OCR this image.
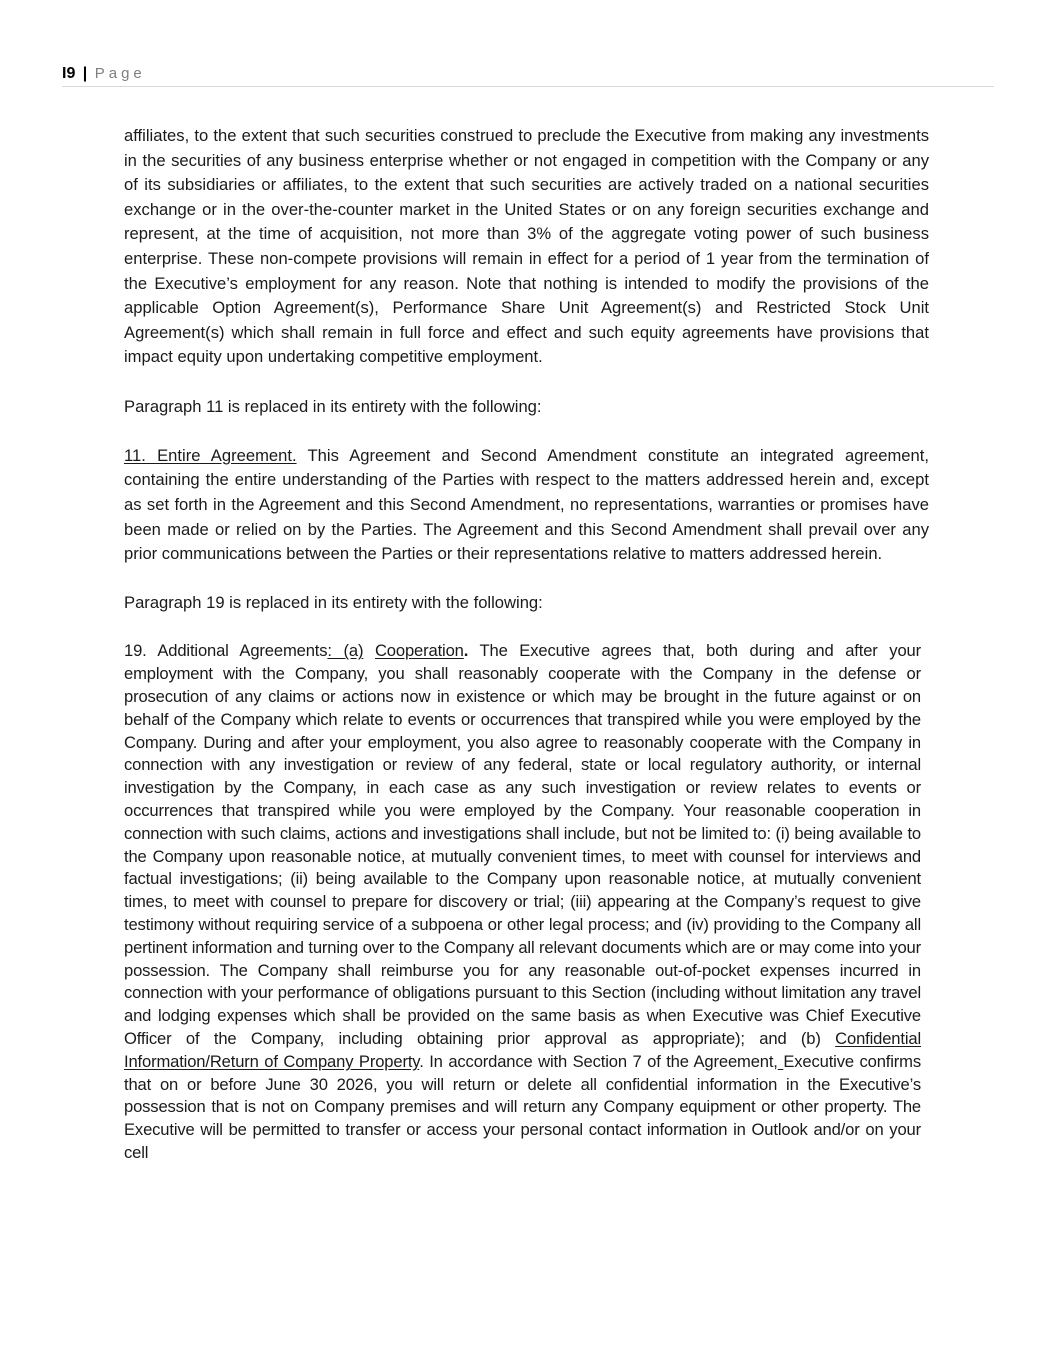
I9 | Page

affiliates, to the extent that such securities construed to preclude the Executive from making any investments in the securities of any business enterprise whether or not engaged in competition with the Company or any of its subsidiaries or affiliates, to the extent that such securities are actively traded on a national securities exchange or in the over-the-counter market in the United States or on any foreign securities exchange and represent, at the time of acquisition, not more than 3% of the aggregate voting power of such business enterprise. These non-compete provisions will remain in effect for a period of 1 year from the termination of the Executive’s employment for any reason. Note that nothing is intended to modify the provisions of the applicable Option Agreement(s), Performance Share Unit Agreement(s) and Restricted Stock Unit Agreement(s) which shall remain in full force and effect and such equity agreements have provisions that impact equity upon undertaking competitive employment.

Paragraph 11 is replaced in its entirety with the following:

11. Entire Agreement. This Agreement and Second Amendment constitute an integrated agreement, containing the entire understanding of the Parties with respect to the matters addressed herein and, except as set forth in the Agreement and this Second Amendment, no representations, warranties or promises have been made or relied on by the Parties. The Agreement and this Second Amendment shall prevail over any prior communications between the Parties or their representations relative to matters addressed herein.

Paragraph 19 is replaced in its entirety with the following:

19. Additional Agreements: (a) Cooperation. The Executive agrees that, both during and after your employment with the Company, you shall reasonably cooperate with the Company in the defense or prosecution of any claims or actions now in existence or which may be brought in the future against or on behalf of the Company which relate to events or occurrences that transpired while you were employed by the Company. During and after your employment, you also agree to reasonably cooperate with the Company in connection with any investigation or review of any federal, state or local regulatory authority, or internal investigation by the Company, in each case as any such investigation or review relates to events or occurrences that transpired while you were employed by the Company. Your reasonable cooperation in connection with such claims, actions and investigations shall include, but not be limited to: (i) being available to the Company upon reasonable notice, at mutually convenient times, to meet with counsel for interviews and factual investigations; (ii) being available to the Company upon reasonable notice, at mutually convenient times, to meet with counsel to prepare for discovery or trial; (iii) appearing at the Company’s request to give testimony without requiring service of a subpoena or other legal process; and (iv) providing to the Company all pertinent information and turning over to the Company all relevant documents which are or may come into your possession. The Company shall reimburse you for any reasonable out-of-pocket expenses incurred in connection with your performance of obligations pursuant to this Section (including without limitation any travel and lodging expenses which shall be provided on the same basis as when Executive was Chief Executive Officer of the Company, including obtaining prior approval as appropriate); and (b) Confidential Information/Return of Company Property. In accordance with Section 7 of the Agreement, Executive confirms that on or before June 30 2026, you will return or delete all confidential information in the Executive’s possession that is not on Company premises and will return any Company equipment or other property. The Executive will be permitted to transfer or access your personal contact information in Outlook and/or on your cell
